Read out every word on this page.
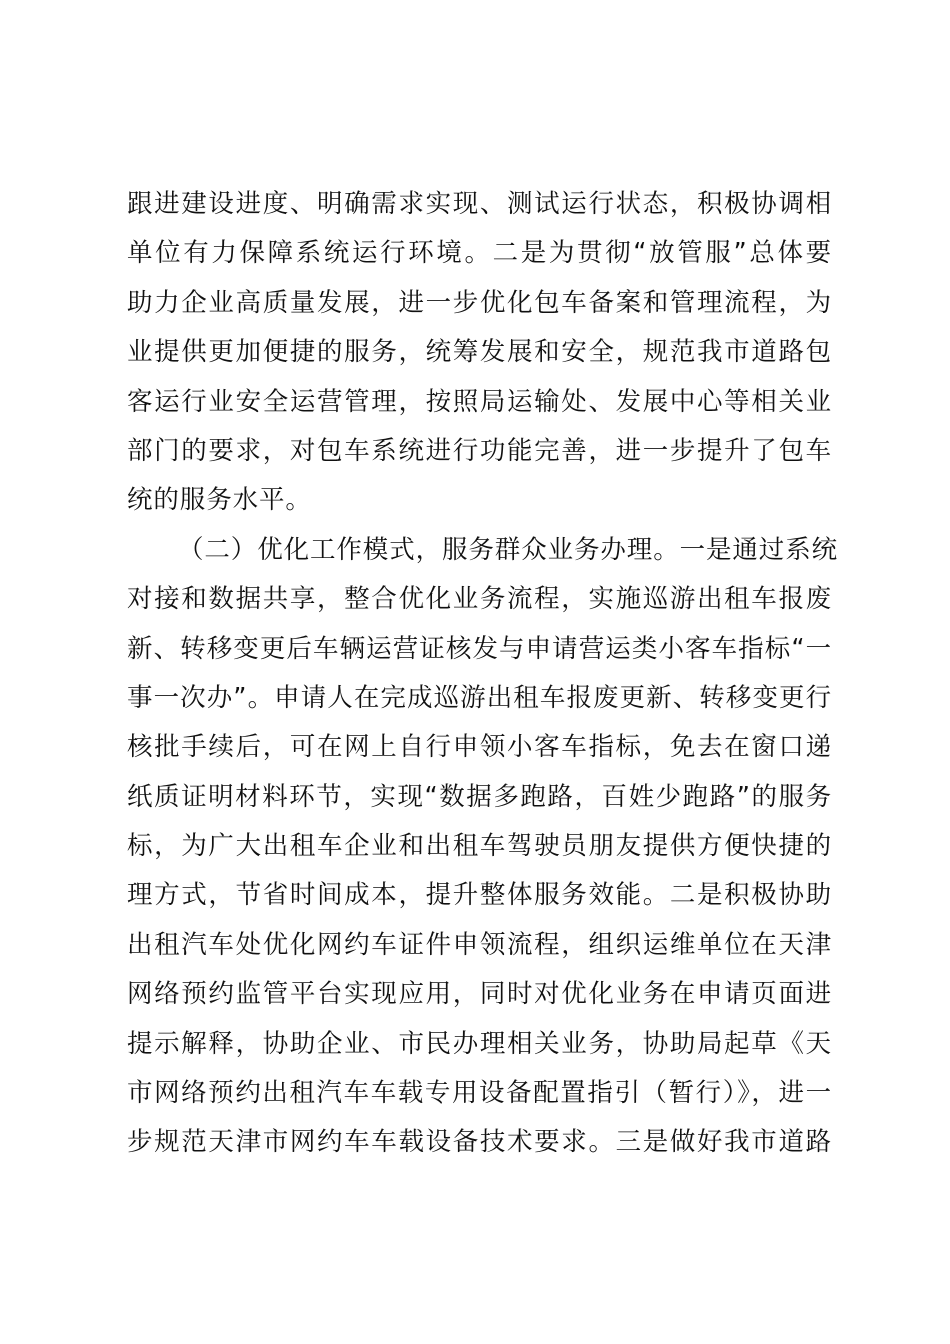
跟进建设进度、明确需求实现、测试运行状态，积极协调相
单位有力保障系统运行环境。二是为贯彻“放管服”总体要
助力企业高质量发展，进一步优化包车备案和管理流程，为
业提供更加便捷的服务，统筹发展和安全，规范我市道路包
客运行业安全运营管理，按照局运输处、发展中心等相关业
部门的要求，对包车系统进行功能完善，进一步提升了包车
统的服务水平。
（二）优化工作模式，服务群众业务办理。一是通过系统
对接和数据共享，整合优化业务流程，实施巡游出租车报废
新、转移变更后车辆运营证核发与申请营运类小客车指标“一
事一次办”。申请人在完成巡游出租车报废更新、转移变更行
核批手续后，可在网上自行申领小客车指标，免去在窗口递
纸质证明材料环节，实现“数据多跑路，百姓少跑路”的服务
标，为广大出租车企业和出租车驾驶员朋友提供方便快捷的
理方式，节省时间成本，提升整体服务效能。二是积极协助
出租汽车处优化网约车证件申领流程，组织运维单位在天津
网络预约监管平台实现应用，同时对优化业务在申请页面进
提示解释，协助企业、市民办理相关业务，协助局起草《天
市网络预约出租汽车车载专用设备配置指引（暂行）》，进一
步规范天津市网约车车载设备技术要求。三是做好我市道路
